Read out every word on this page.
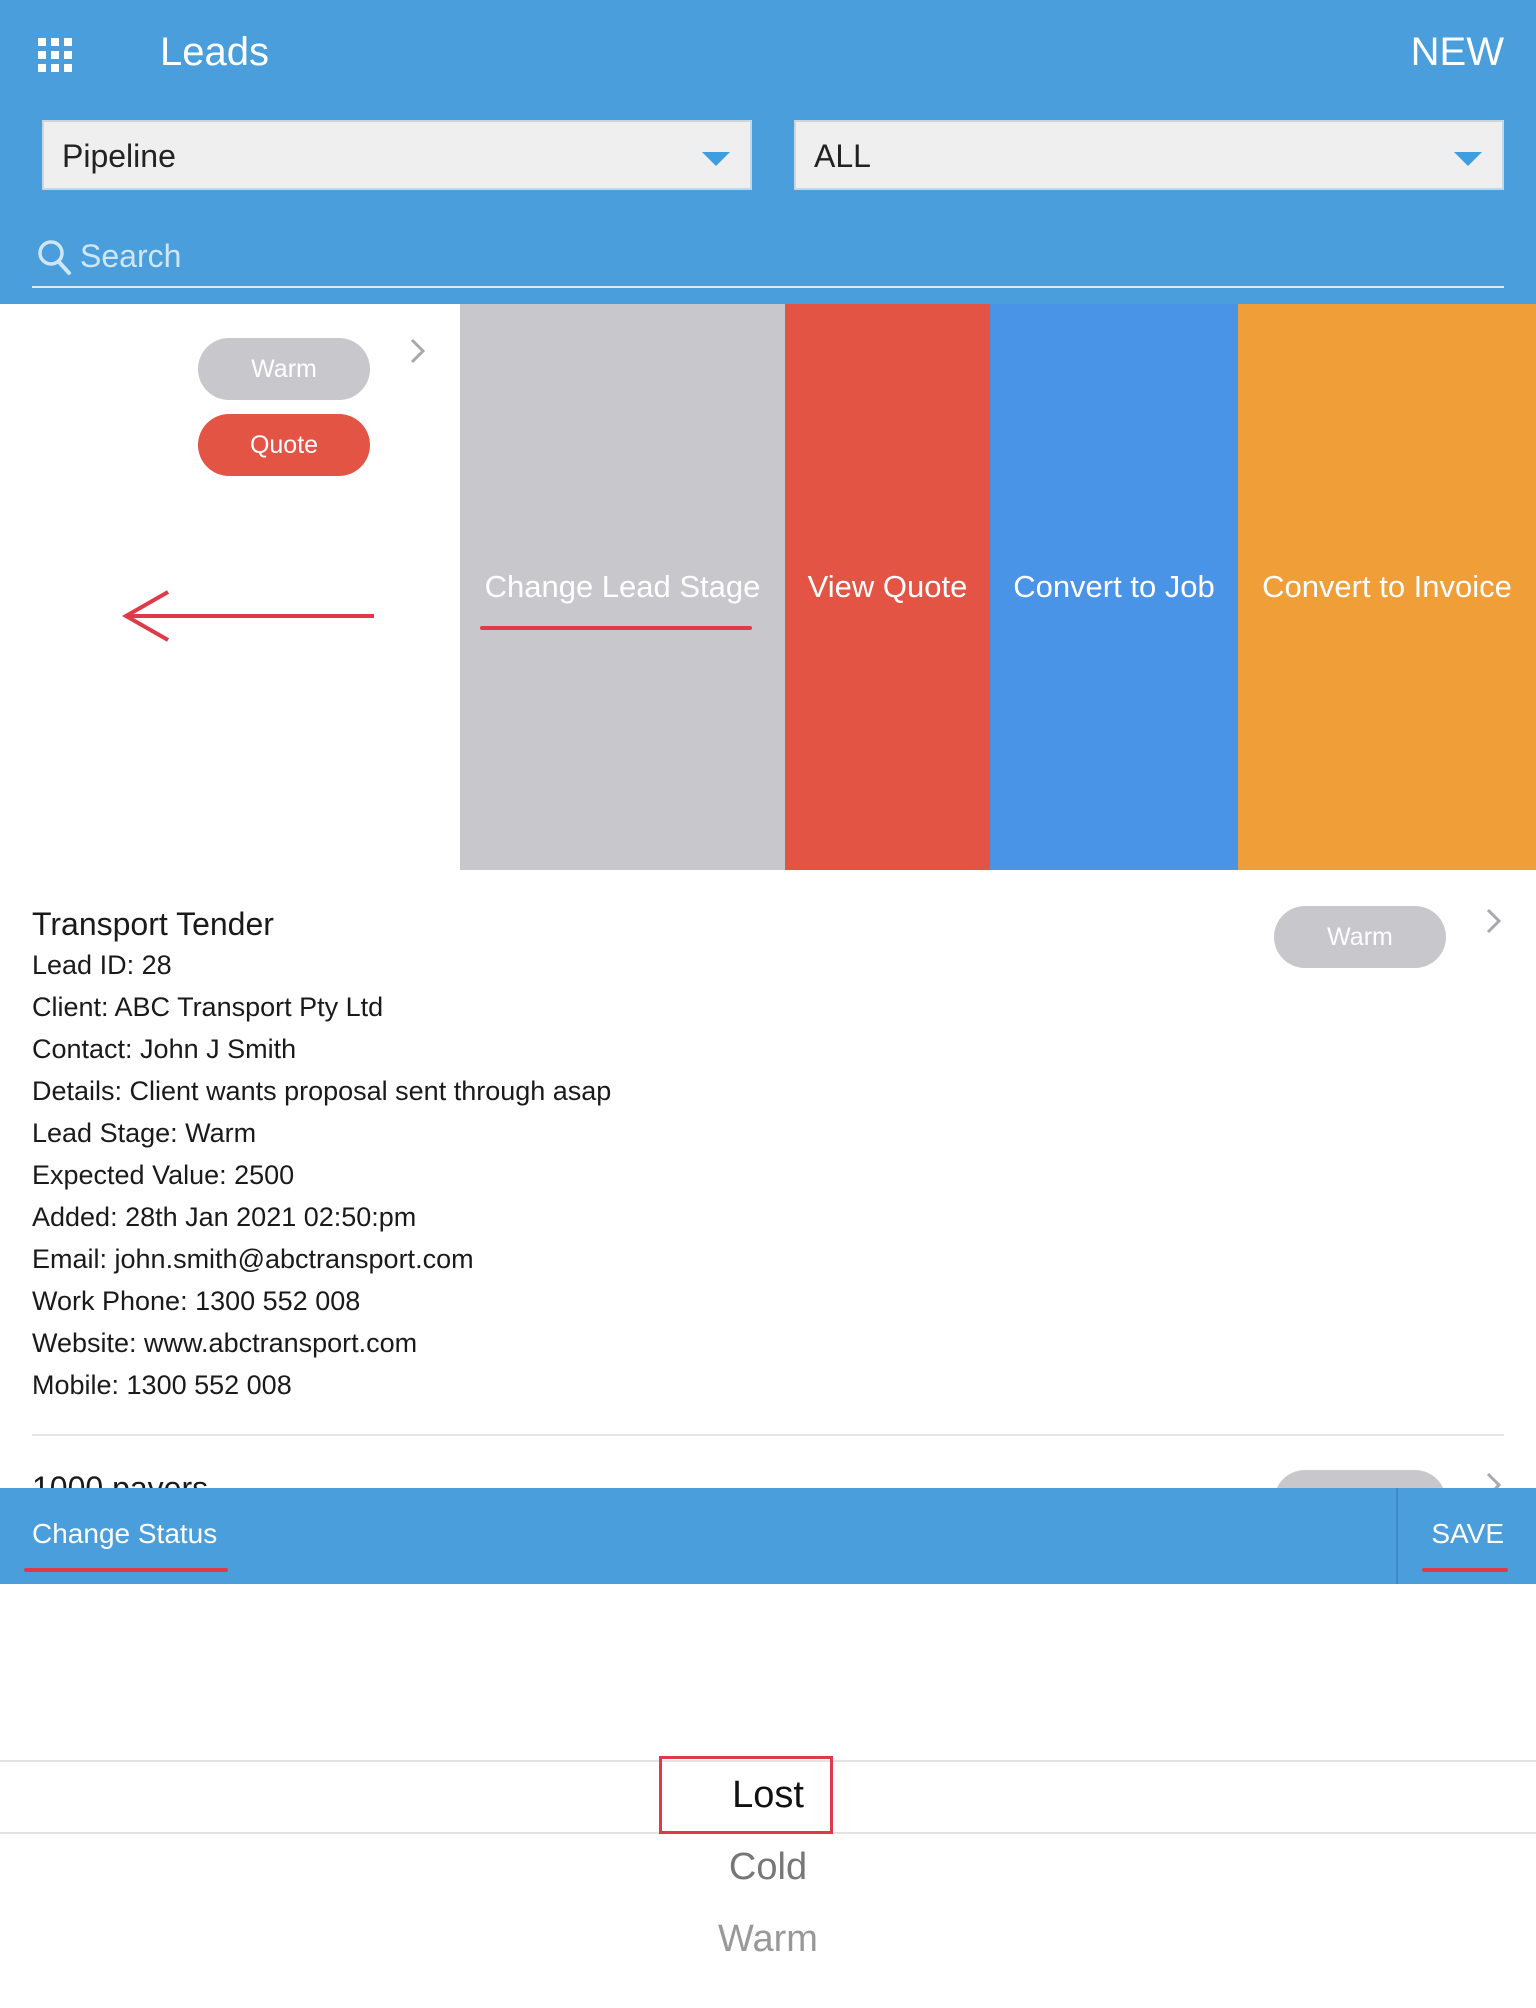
Leads	NEW
Pipeline	ALL
Search
Warm
Quote
Change Lead Stage View Quote Convert to Job Convert to Invoice
Transport Tender
Lead ID: 28
Client: ABC Transport Pty Ltd
Contact: John J Smith
Details: Client wants proposal sent through asap
Lead Stage: Warm
Expected Value: 2500
Added: 28th Jan 2021 02:50:pm
Email: john.smith@abctransport.com
Work Phone: 1300 552 008
Website: www.abctransport.com
Mobile: 1300 552 008
Warm
Change Status	SAVE
Lost
Cold
Warm
